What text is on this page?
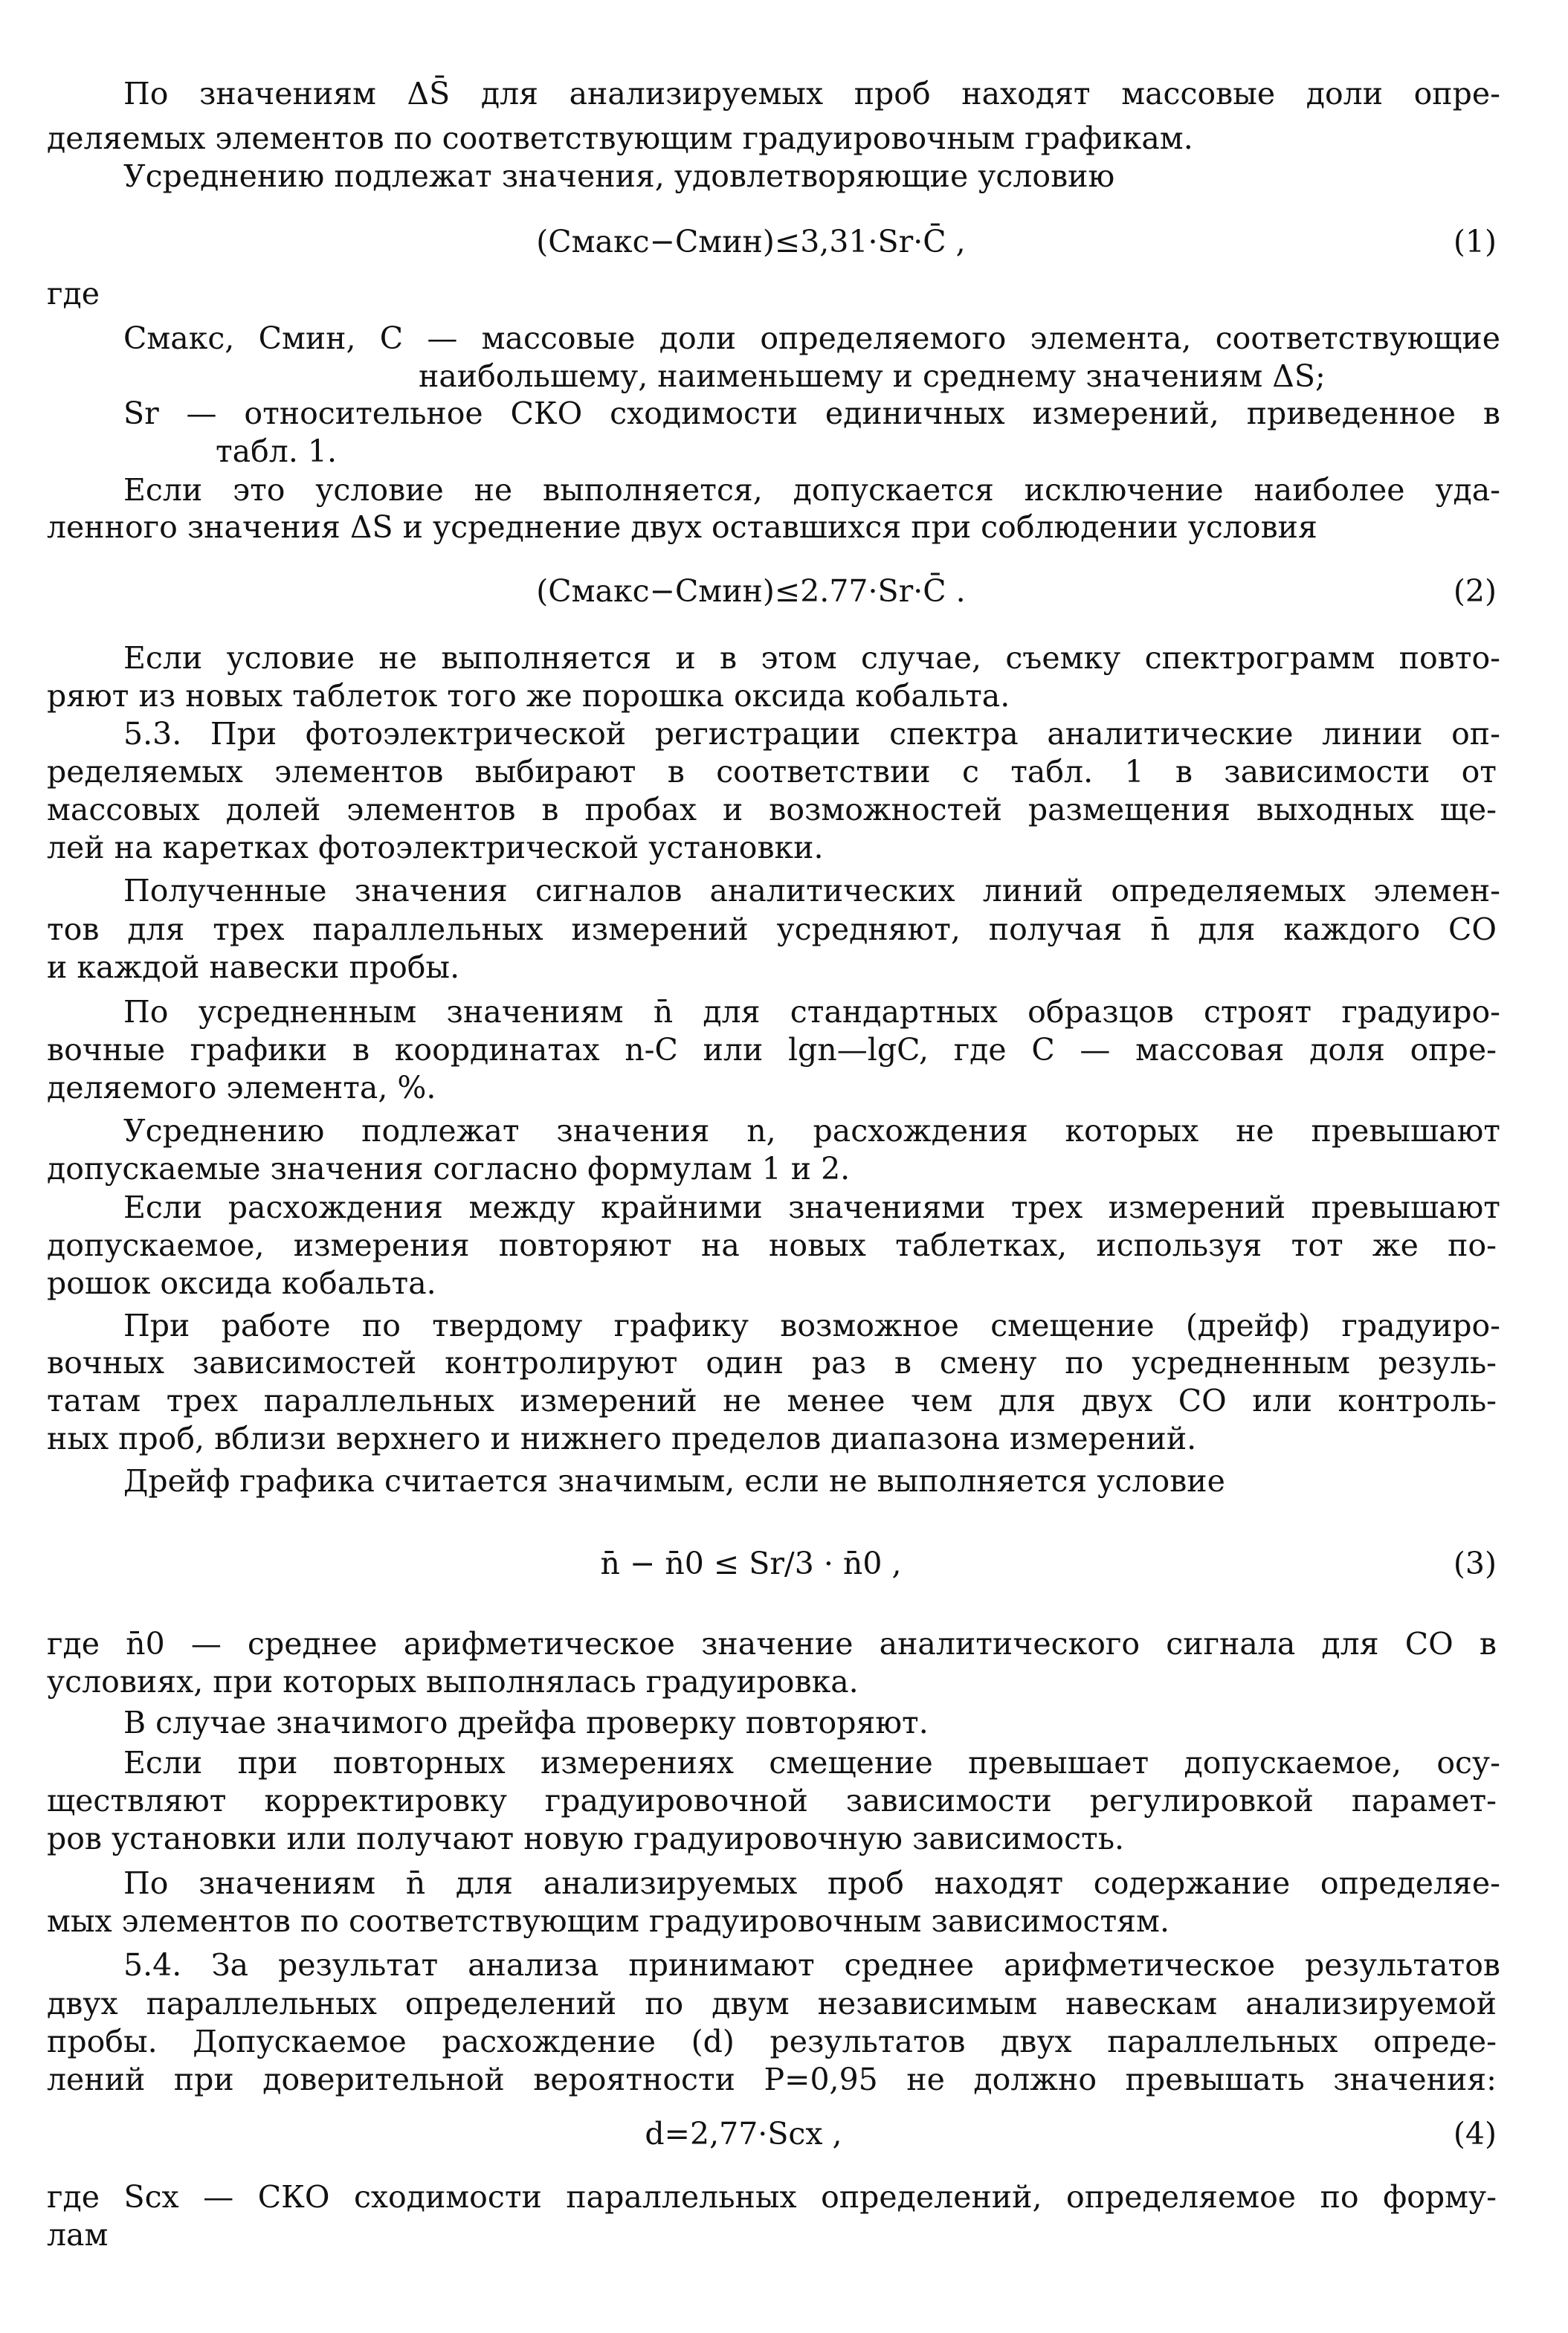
По значениям ΔS̄ для анализируемых проб находят массовые доли опре-
деляемых элементов по соответствующим градуировочным графикам.
Усреднению подлежат значения, удовлетворяющие условию
(Cмакс−Cмин)≤3,31·Sr·C̄ ,	(1)
где
Cмакс, Cмин, C — массовые доли определяемого элемента, соответствующие
наибольшему, наименьшему и среднему значениям ΔS;
Sr — относительное СКО сходимости единичных измерений, приведенное в
табл. 1.
Если это условие не выполняется, допускается исключение наиболее уда-
ленного значения ΔS и усреднение двух оставшихся при соблюдении условия
(Cмакс−Cмин)≤2.77·Sr·C̄ .	(2)
Если условие не выполняется и в этом случае, съемку спектрограмм повто-
ряют из новых таблеток того же порошка оксида кобальта.
5.3. При фотоэлектрической регистрации спектра аналитические линии оп-
ределяемых элементов выбирают в соответствии с табл. 1 в зависимости от
массовых долей элементов в пробах и возможностей размещения выходных ще-
лей на каретках фотоэлектрической установки.
Полученные значения сигналов аналитических линий определяемых элемен-
тов для трех параллельных измерений усредняют, получая n̄ для каждого СО
и каждой навески пробы.
По усредненным значениям n̄ для стандартных образцов строят градуиро-
вочные графики в координатах n-C или lgn—lgC, где C — массовая доля опре-
деляемого элемента, %.
Усреднению подлежат значения n, расхождения которых не превышают
допускаемые значения согласно формулам 1 и 2.
Если расхождения между крайними значениями трех измерений превышают
допускаемое, измерения повторяют на новых таблетках, используя тот же по-
рошок оксида кобальта.
При работе по твердому графику возможное смещение (дрейф) градуиро-
вочных зависимостей контролируют один раз в смену по усредненным резуль-
татам трех параллельных измерений не менее чем для двух СО или контроль-
ных проб, вблизи верхнего и нижнего пределов диапазона измерений.
Дрейф графика считается значимым, если не выполняется условие
n̄ − n̄0 ≤ Sr/3 · n̄0 ,	(3)
где n̄0 — среднее арифметическое значение аналитического сигнала для СО в
условиях, при которых выполнялась градуировка.
В случае значимого дрейфа проверку повторяют.
Если при повторных измерениях смещение превышает допускаемое, осу-
ществляют корректировку градуировочной зависимости регулировкой парамет-
ров установки или получают новую градуировочную зависимость.
По значениям n̄ для анализируемых проб находят содержание определяе-
мых элементов по соответствующим градуировочным зависимостям.
5.4. За результат анализа принимают среднее арифметическое результатов
двух параллельных определений по двум независимым навескам анализируемой
пробы. Допускаемое расхождение (d) результатов двух параллельных опреде-
лений при доверительной вероятности P=0,95 не должно превышать значения:
d=2,77·Sсх ,	(4)
где Sсх — СКО сходимости параллельных определений, определяемое по форму-
лам
